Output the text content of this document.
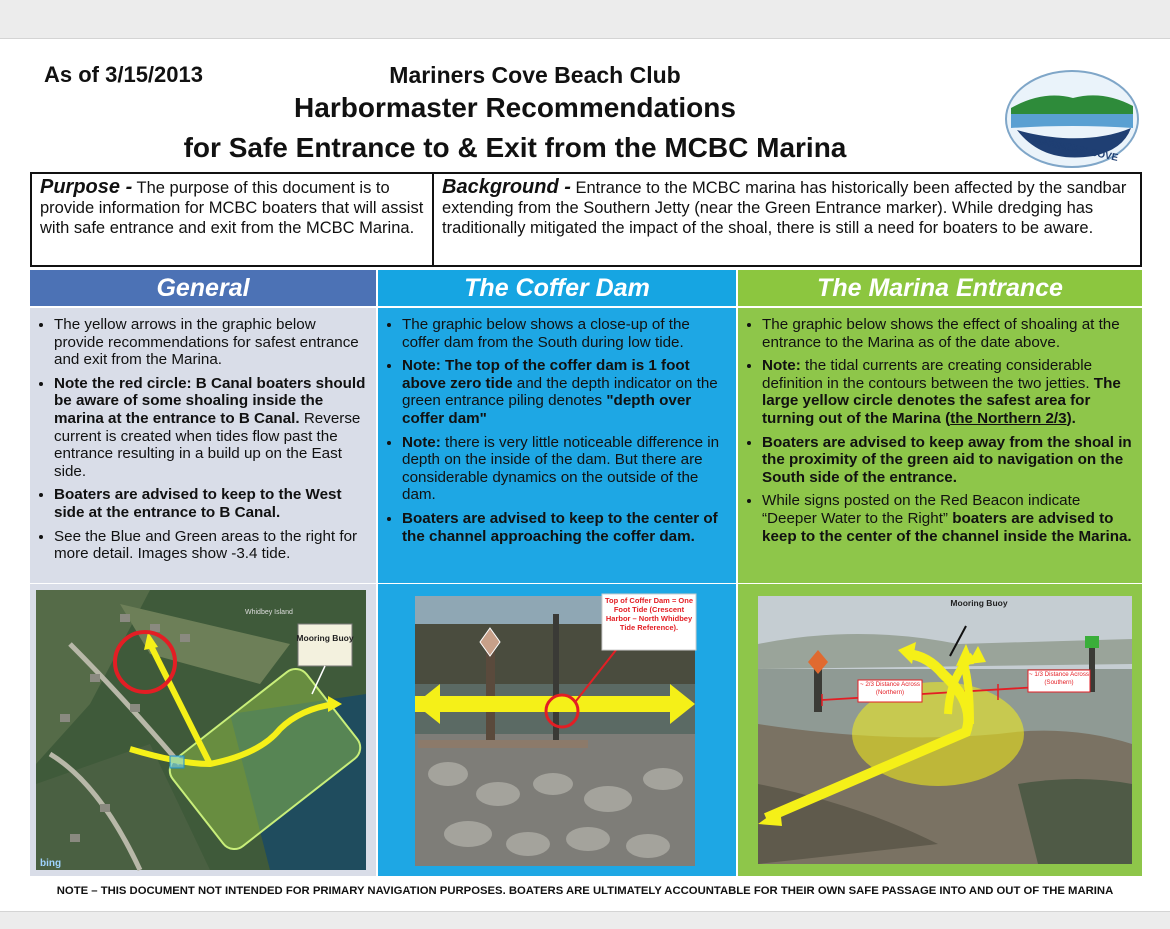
As of 3/15/2013	Mariners Cove Beach Club
Harbormaster Recommendations
for Safe Entrance to & Exit from the MCBC Marina	MARINERS' COVE
Purpose - The purpose of this document is to provide information for MCBC boaters that will assist with safe entrance and exit from the MCBC Marina.
Background - Entrance to the MCBC marina has historically been affected by the sandbar extending from the Southern Jetty (near the Green Entrance marker). While dredging has traditionally mitigated the impact of the shoal, there is still a need for boaters to be aware.
General	The Coffer Dam	The Marina Entrance
• The yellow arrows in the graphic below provide recommendations for safest entrance and exit from the Marina.
• Note the red circle: B Canal boaters should be aware of some shoaling inside the marina at the entrance to B Canal. Reverse current is created when tides flow past the entrance resulting in a build up on the East side.
• Boaters are advised to keep to the West side at the entrance to B Canal.
• See the Blue and Green areas to the right for more detail. Images show -3.4 tide.
• The graphic below shows a close-up of the coffer dam from the South during low tide.
• Note: The top of the coffer dam is 1 foot above zero tide and the depth indicator on the green entrance piling denotes "depth over coffer dam"
• Note: there is very little noticeable difference in depth on the inside of the dam. But there are considerable dynamics on the outside of the dam.
• Boaters are advised to keep to the center of the channel approaching the coffer dam.
• The graphic below shows the effect of shoaling at the entrance to the Marina as of the date above.
• Note: the tidal currents are creating considerable definition in the contours between the two jetties. The large yellow circle denotes the safest area for turning out of the Marina (the Northern 2/3).
• Boaters are advised to keep away from the shoal in the proximity of the green aid to navigation on the South side of the entrance.
• While signs posted on the Red Beacon indicate “Deeper Water to the Right” boaters are advised to keep to the center of the channel inside the Marina.
Mooring Buoy
Whidbey Island
bing
Top of Coffer Dam = One Foot Tide (Crescent Harbor – North Whidbey Tide Reference).
~ 2/3 Distance Across (Northern)
~ 1/3 Distance Across (Southern)
Mooring Buoy
NOTE – THIS DOCUMENT NOT INTENDED FOR PRIMARY NAVIGATION PURPOSES. BOATERS ARE ULTIMATELY ACCOUNTABLE FOR THEIR OWN SAFE PASSAGE INTO AND OUT OF THE MARINA
